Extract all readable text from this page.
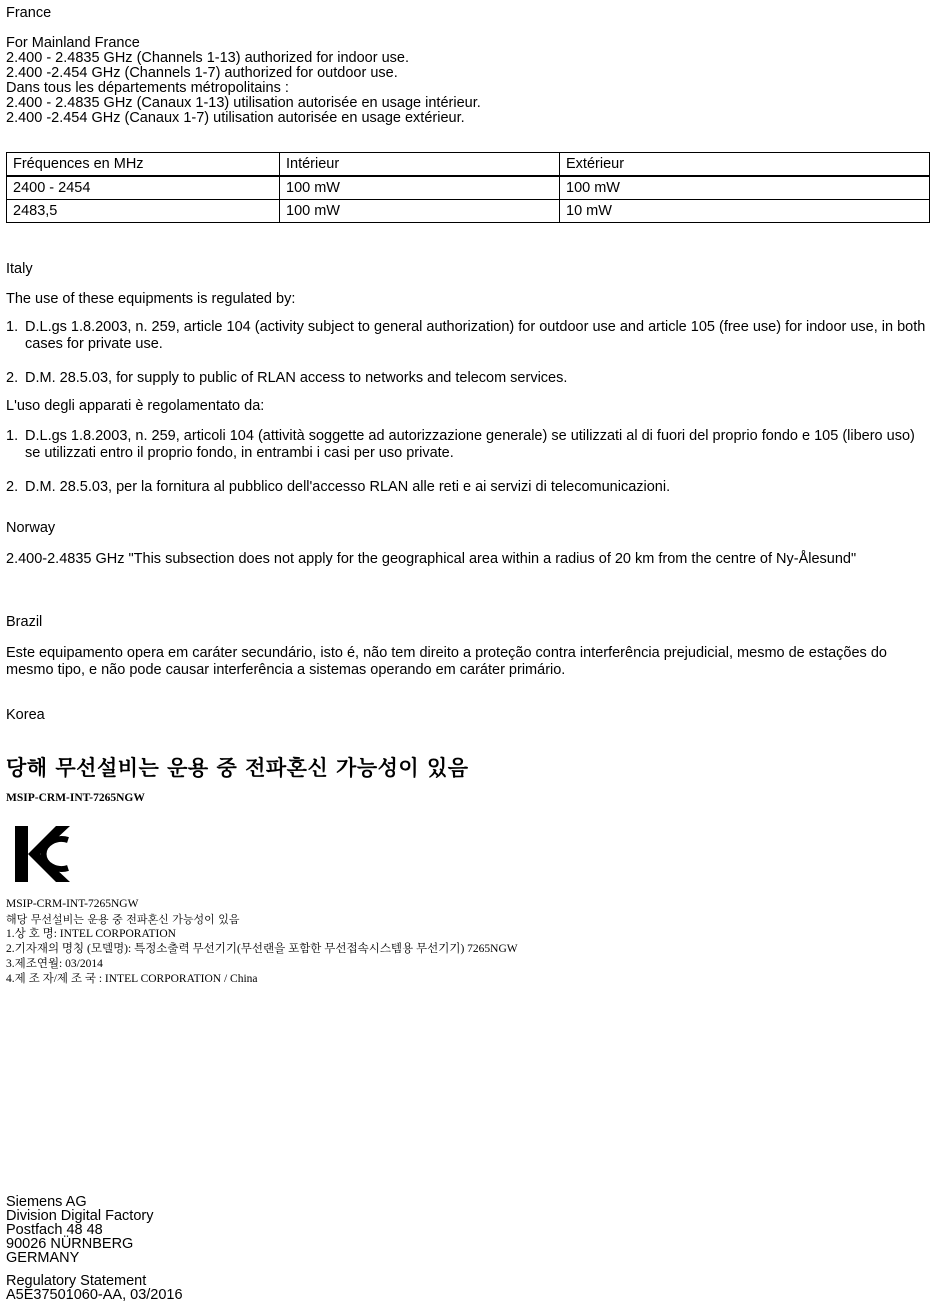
France
For Mainland France
2.400 - 2.4835 GHz (Channels 1-13) authorized for indoor use.
2.400 -2.454 GHz (Channels 1-7) authorized for outdoor use.
Dans tous les départements métropolitains :
2.400 - 2.4835 GHz (Canaux 1-13) utilisation autorisée en usage intérieur.
2.400 -2.454 GHz (Canaux 1-7) utilisation autorisée en usage extérieur.
Fréquences en MHz	Intérieur	Extérieur
2400 - 2454	100 mW	100 mW
2483,5	100 mW	10 mW
Italy
The use of these equipments is regulated by:
1. D.L.gs 1.8.2003, n. 259, article 104 (activity subject to general authorization) for outdoor use and article 105 (free use) for indoor use, in both cases for private use.
2. D.M. 28.5.03, for supply to public of RLAN access to networks and telecom services.
L'uso degli apparati è regolamentato da:
1. D.L.gs 1.8.2003, n. 259, articoli 104 (attività soggette ad autorizzazione generale) se utilizzati al di fuori del proprio fondo e 105 (libero uso) se utilizzati entro il proprio fondo, in entrambi i casi per uso private.
2. D.M. 28.5.03, per la fornitura al pubblico dell'accesso RLAN alle reti e ai servizi di telecomunicazioni.
Norway
2.400-2.4835 GHz "This subsection does not apply for the geographical area within a radius of 20 km from the centre of Ny-Ålesund"
Brazil
Este equipamento opera em caráter secundário, isto é, não tem direito a proteção contra interferência prejudicial, mesmo de estações do mesmo tipo, e não pode causar interferência a sistemas operando em caráter primário.
Korea
당해 무선설비는 운용 중 전파혼신 가능성이 있음
MSIP-CRM-INT-7265NGW
MSIP-CRM-INT-7265NGW
해당 무선설비는 운용 중 전파혼신 가능성이 있음
1.상 호 명: INTEL CORPORATION
2.기자재의 명칭 (모델명): 특정소출력 무선기기(무선랜을 포함한 무선접속시스템용 무선기기) 7265NGW
3.제조연월: 03/2014
4.제 조 자/제 조 국 : INTEL CORPORATION / China
Siemens AG
Division Digital Factory
Postfach 48 48
90026 NÜRNBERG
GERMANY
Regulatory Statement
A5E37501060-AA, 03/2016
